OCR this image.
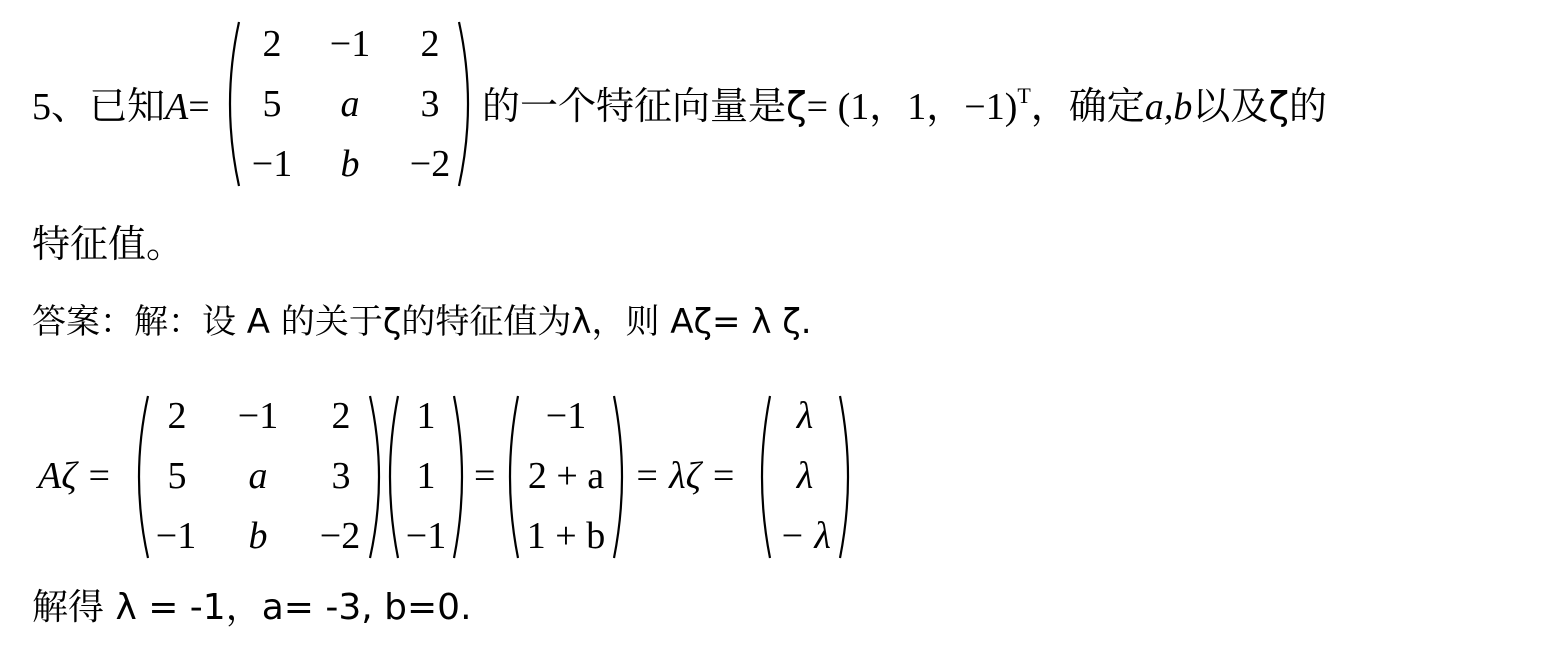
5、已知A=
2	−1	2
5	a	3
−1	b	−2
的一个特征向量是ζ= (1，1，−1)$^T$，确定a,b以及ζ的
特征值。
答案：解：设 A 的关于ζ的特征值为λ，则 Aζ= λ ζ.
Aζ =
2	−1	2
5	a	3
−1	b	−2
1
1
−1
=
−1
2 + a
1 + b
= λζ =
λ
λ
− λ
解得 λ = -1，a= -3, b=0.
